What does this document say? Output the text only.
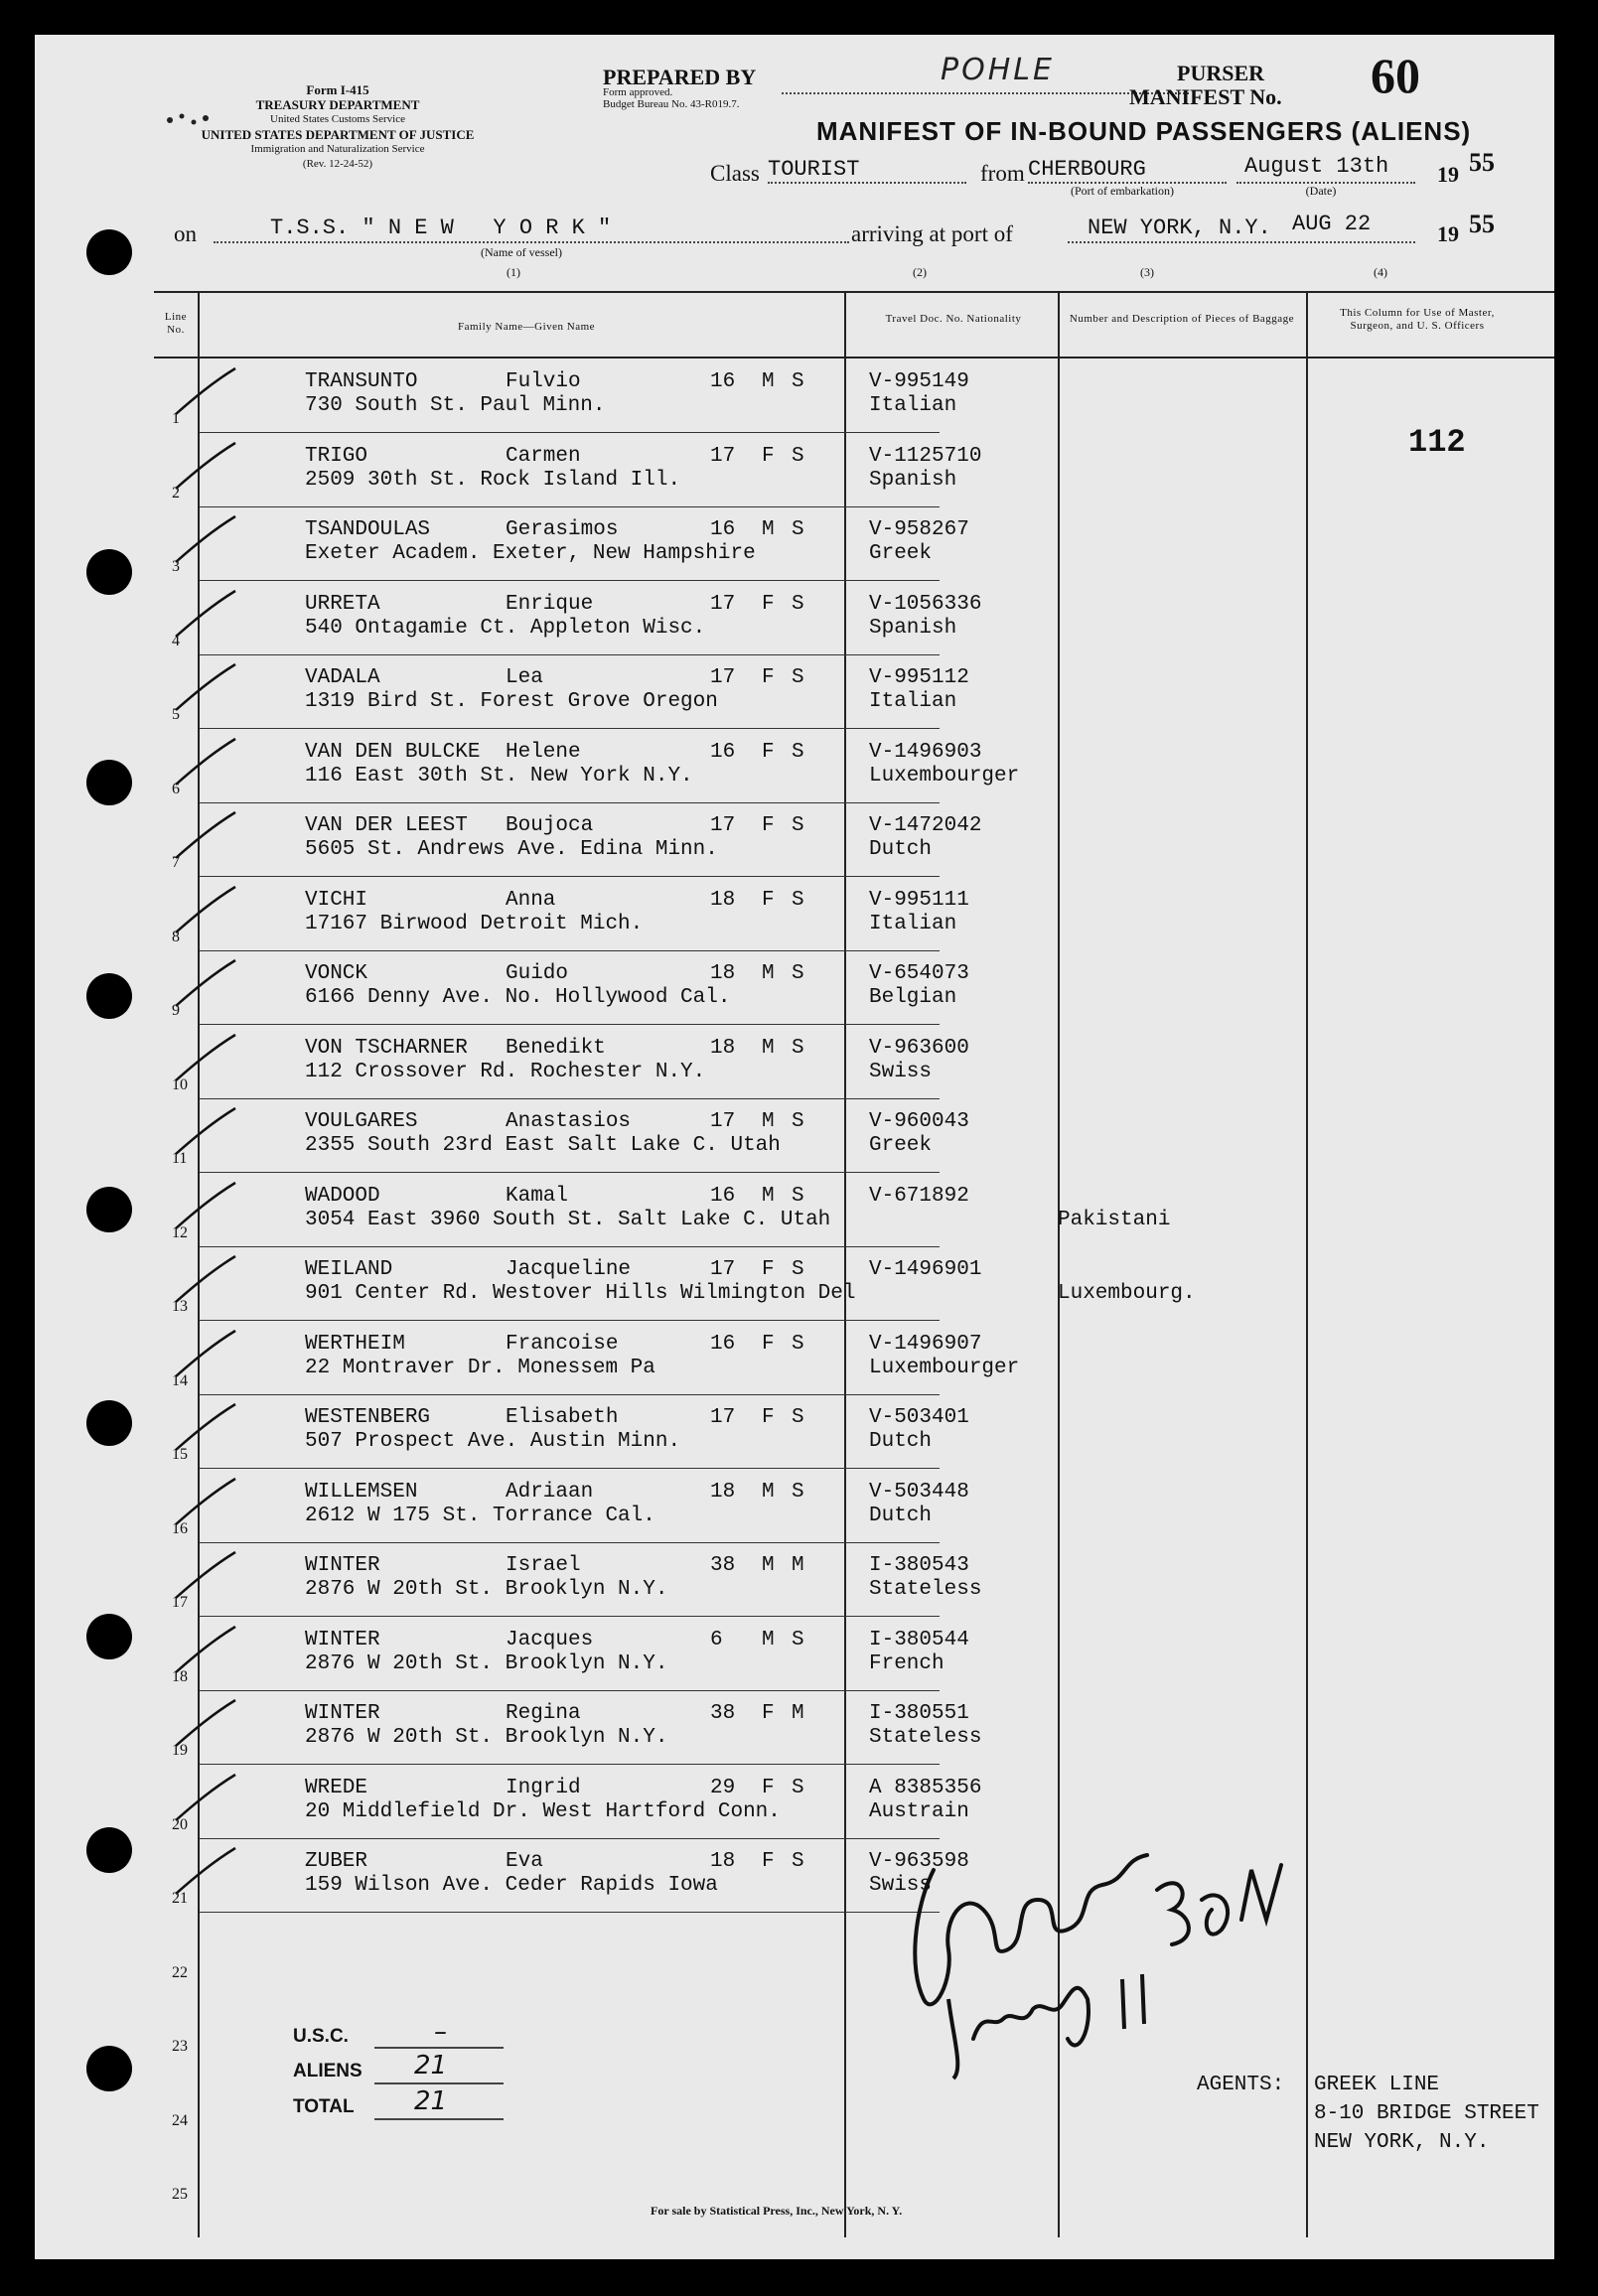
Form I-415
TREASURY DEPARTMENT
United States Customs Service
UNITED STATES DEPARTMENT OF JUSTICE
Immigration and Naturalization Service
(Rev. 12-24-52)
PREPARED BY
Form approved.
Budget Bureau No. 43-R019.7.
POHLE	PURSER
MANIFEST No. 60
MANIFEST OF IN-BOUND PASSENGERS (ALIENS)
Class TOURIST	from CHERBOURG
(Port of embarkation)
August 13th
(Date)
19 55
on	T.S.S. " N E W   Y O R K "
(Name of vessel)
arriving at port of	NEW YORK, N.Y. AUG 22	19 55
(1)	(2)	(3)	(4)
Line No.	Family Name—Given Name
Travel Doc. No. Nationality	Number and Description of Pieces of Baggage	This Column for Use of Master, Surgeon, and U. S. Officers
112
1
TRANSUNTO	Fulvio	16 M S	V-995149
730 South St. Paul Minn.	Italian
2
TRIGO	Carmen	17 F S	V-1125710
2509 30th St. Rock Island Ill.	Spanish
3
TSANDOULAS	Gerasimos	16 M S	V-958267
Exeter Academ. Exeter, New Hampshire	Greek
4
URRETA	Enrique	17 F S	V-1056336
540 Ontagamie Ct. Appleton Wisc.	Spanish
5
VADALA	Lea	17 F S	V-995112
1319 Bird St. Forest Grove Oregon	Italian
6
VAN DEN BULCKE Helene	16 F S	V-1496903
116 East 30th St. New York N.Y.	Luxembourger
7
VAN DER LEEST Boujoca	17 F S	V-1472042
5605 St. Andrews Ave. Edina Minn.	Dutch
8
VICHI	Anna	18 F S	V-995111
17167 Birwood Detroit Mich.	Italian
9
VONCK	Guido	18 M S	V-654073
6166 Denny Ave. No. Hollywood Cal.	Belgian
10
VON TSCHARNER Benedikt	18 M S	V-963600
112 Crossover Rd. Rochester N.Y.	Swiss
11
VOULGARES	Anastasios	17 M S	V-960043
2355 South 23rd East Salt Lake C. Utah	Greek
12
WADOOD	Kamal	16 M S	V-671892
3054 East 3960 South St. Salt Lake C. Utah	Pakistani
13
WEILAND	Jacqueline	17 F S	V-1496901
901 Center Rd. Westover Hills Wilmington Del	Luxembourg.
14
WERTHEIM	Francoise	16 F S	V-1496907
22 Montraver Dr. Monessem Pa	Luxembourger
15
WESTENBERG	Elisabeth	17 F S	V-503401
507 Prospect Ave. Austin Minn.	Dutch
16
WILLEMSEN	Adriaan	18 M S	V-503448
2612 W 175 St. Torrance Cal.	Dutch
17
WINTER	Israel	38 M M	I-380543
2876 W 20th St. Brooklyn N.Y.	Stateless
18
WINTER	Jacques	6 M S	I-380544
2876 W 20th St. Brooklyn N.Y.	French
19
WINTER	Regina	38 F M	I-380551
2876 W 20th St. Brooklyn N.Y.	Stateless
20
WREDE	Ingrid	29 F S	A 8385356
20 Middlefield Dr. West Hartford Conn.	Austrain
21
ZUBER	Eva	18 F S	V-963598
159 Wilson Ave. Ceder Rapids Iowa	Swiss
22
23
24
25
U.S.C.	–
ALIENS 21
TOTAL 21
AGENTS: GREEK LINE
8-10 BRIDGE STREET
NEW YORK, N.Y.
For sale by Statistical Press, Inc., New York, N. Y.
